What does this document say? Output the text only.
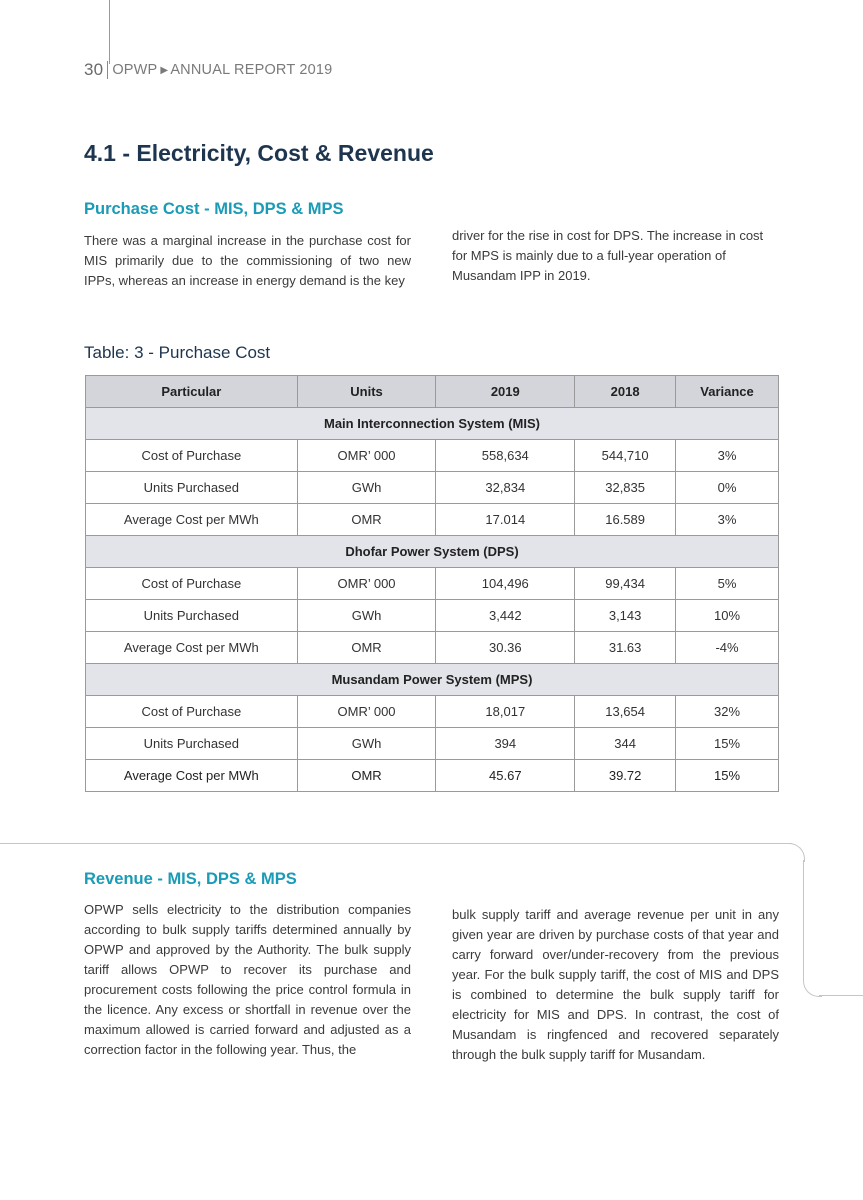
30 OPWP ▶ ANNUAL REPORT 2019
4.1 - Electricity, Cost & Revenue
Purchase Cost - MIS, DPS & MPS

There was a marginal increase in the purchase cost for MIS primarily due to the commissioning of two new IPPs, whereas an increase in energy demand is the key

driver for the rise in cost for DPS. The increase in cost for MPS is mainly due to a full-year operation of Musandam IPP in 2019.

Table: 3 - Purchase Cost
Particular	Units	2019	2018	Variance
Main Interconnection System (MIS)				
Cost of Purchase	OMR’ 000	558,634	544,710	3%
Units Purchased	GWh	32,834	32,835	0%
Average Cost per MWh	OMR	17.014	16.589	3%
Dhofar Power System (DPS)				
Cost of Purchase	OMR’ 000	104,496	99,434	5%
Units Purchased	GWh	3,442	3,143	10%
Average Cost per MWh	OMR	30.36	31.63	-4%
Musandam Power System (MPS)				
Cost of Purchase	OMR’ 000	18,017	13,654	32%
Units Purchased	GWh	394	344	15%
Average Cost per MWh	OMR	45.67	39.72	15%
Revenue - MIS, DPS & MPS

OPWP sells electricity to the distribution companies according to bulk supply tariffs determined annually by OPWP and approved by the Authority. The bulk supply tariff allows OPWP to recover its purchase and procurement costs following the price control formula in the licence. Any excess or shortfall in revenue over the maximum allowed is carried forward and adjusted as a correction factor in the following year. Thus, the

bulk supply tariff and average revenue per unit in any given year are driven by purchase costs of that year and carry forward over/under-recovery from the previous year. For the bulk supply tariff, the cost of MIS and DPS is combined to determine the bulk supply tariff for electricity for MIS and DPS. In contrast, the cost of Musandam is ringfenced and recovered separately through the bulk supply tariff for Musandam.
